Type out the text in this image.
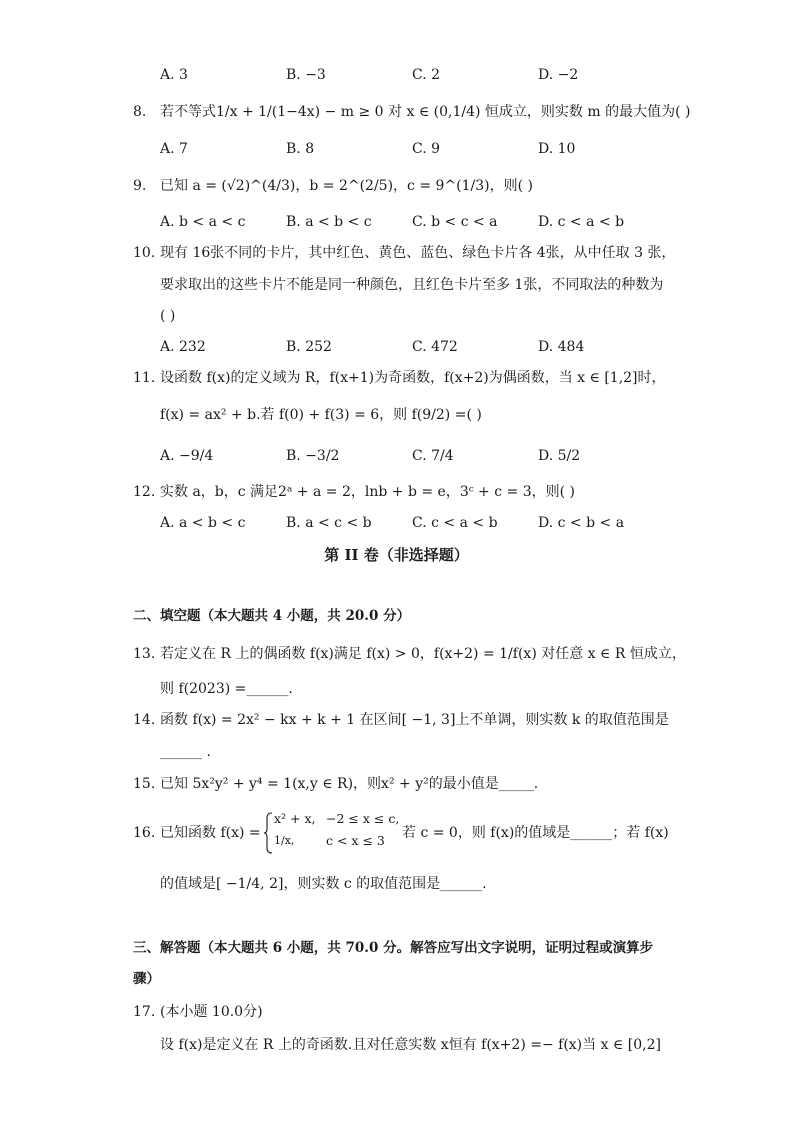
A. 3	B. −3	C. 2	D. −2
8. 若不等式1/x + 1/(1−4x) − m ≥ 0 对 x ∈ (0,1/4) 恒成立，则实数 m 的最大值为( )
A. 7	B. 8	C. 9	D. 10
9. 已知 a = (√2)^(4/3)，b = 2^(2/5)，c = 9^(1/3)，则( )
A. b < a < c	B. a < b < c	C. b < c < a	D. c < a < b
10. 现有 16张不同的卡片，其中红色、黄色、蓝色、绿色卡片各 4张，从中任取 3 张，
要求取出的这些卡片不能是同一种颜色，且红色卡片至多 1张，不同取法的种数为
( )
A. 232	B. 252	C. 472	D. 484
11. 设函数 f(x)的定义域为 R，f(x+1)为奇函数，f(x+2)为偶函数，当 x ∈ [1,2]时，
f(x) = ax² + b.若 f(0) + f(3) = 6，则 f(9/2) =( )
A. −9/4	B. −3/2	C. 7/4	D. 5/2
12. 实数 a，b，c 满足2ᵃ + a = 2，lnb + b = e，3ᶜ + c = 3，则( )
A. a < b < c	B. a < c < b	C. c < a < b	D. c < b < a
第 II 卷（非选择题）
二、填空题（本大题共 4 小题，共 20.0 分）
13. 若定义在 R 上的偶函数 f(x)满足 f(x) > 0，f(x+2) = 1/f(x) 对任意 x ∈ R 恒成立，
则 f(2023) =______.
14. 函数 f(x) = 2x² − kx + k + 1 在区间[ −1, 3]上不单调，则实数 k 的取值范围是
______ .
15. 已知 5x²y² + y⁴ = 1(x,y ∈ R)，则x² + y²的最小值是_____.
16. 已知函数 f(x) =
x² + x, −2 ≤ x ≤ c,
1/x,	c < x ≤ 3 若 c = 0，则 f(x)的值域是______；若 f(x)
的值域是[ −1/4, 2]，则实数 c 的取值范围是______.
三、解答题（本大题共 6 小题，共 70.0 分。解答应写出文字说明，证明过程或演算步
骤）
17. (本小题 10.0分)
设 f(x)是定义在 R 上的奇函数.且对任意实数 x恒有 f(x+2) =− f(x)当 x ∈ [0,2]
